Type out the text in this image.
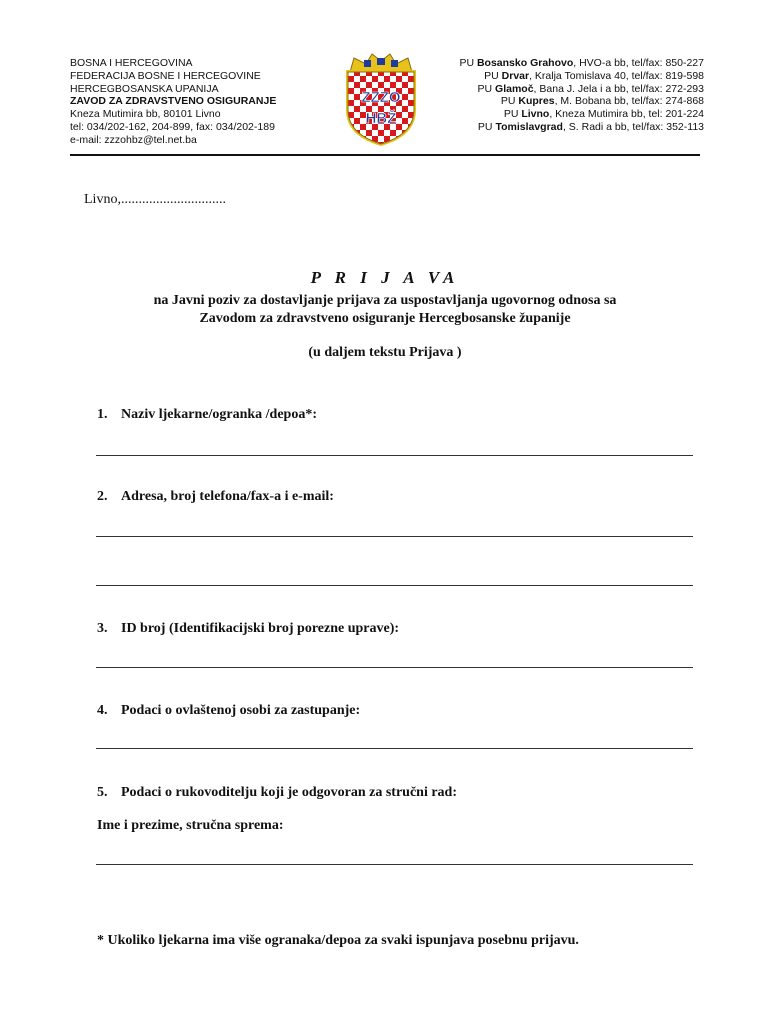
BOSNA I HERCEGOVINA
FEDERACIJA BOSNE I HERCEGOVINE
HERCEGBOSANSKA UPANIJA
ZAVOD ZA ZDRAVSTVENO OSIGURANJE
Kneza Mutimira bb, 80101 Livno
tel: 034/202-162, 204-899, fax: 034/202-189
e-mail: zzzohbz@tel.net.ba
ZZZO
HBŽ
PU Bosansko Grahovo, HVO-a bb, tel/fax: 850-227
PU Drvar, Kralja Tomislava 40, tel/fax: 819-598
PU Glamoč, Bana J. Jela i a bb, tel/fax: 272-293
PU Kupres, M. Bobana bb, tel/fax: 274-868
PU Livno, Kneza Mutimira bb, tel: 201-224
PU Tomislavgrad, S. Radi a bb, tel/fax: 352-113
Livno,..............................
P R I J A VA
na Javni poziv za dostavljanje prijava za uspostavljanja ugovornog odnosa sa
Zavodom za zdravstveno osiguranje Hercegbosanske županije
(u daljem tekstu Prijava )
1. Naziv ljekarne/ogranka /depoa*:
2. Adresa, broj telefona/fax-a i e-mail:
3. ID broj (Identifikacijski broj porezne uprave):
4. Podaci o ovlaštenoj osobi za zastupanje:
5. Podaci o rukovoditelju koji je odgovoran za stručni rad:
Ime i prezime, stručna sprema:
* Ukoliko ljekarna ima više ogranaka/depoa za svaki ispunjava posebnu prijavu.
